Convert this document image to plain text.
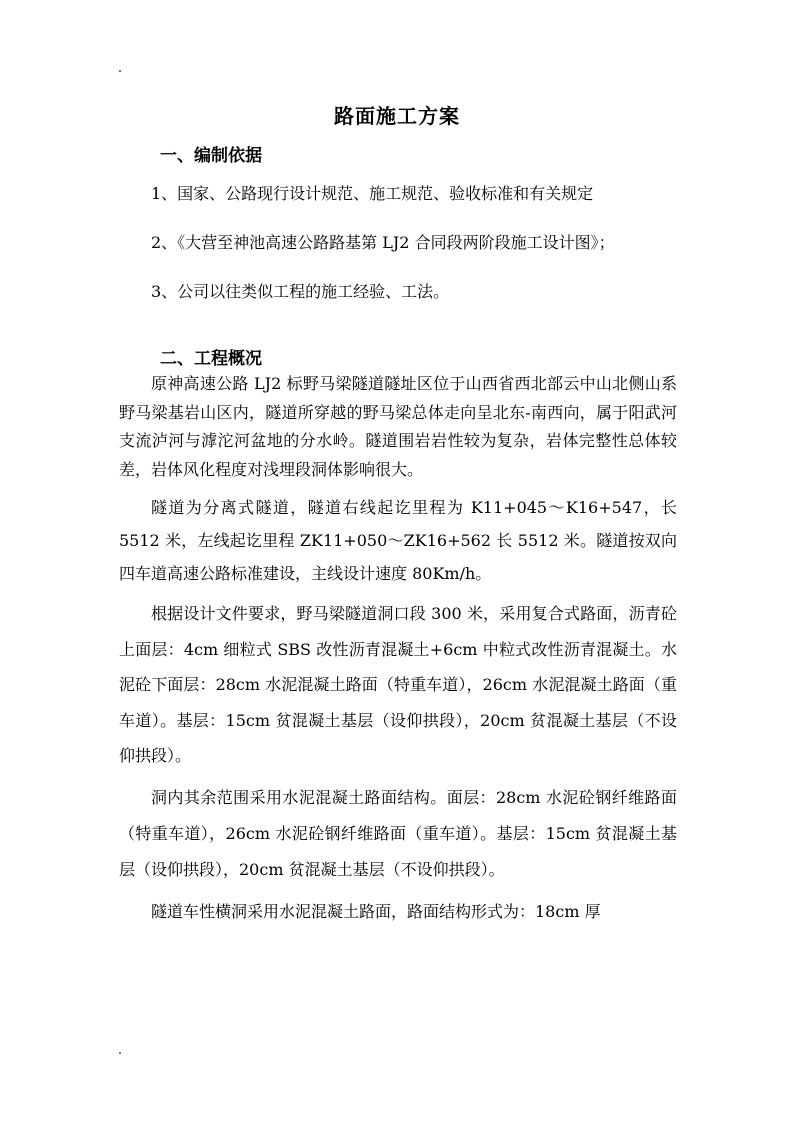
路面施工方案
一、编制依据

1、国家、公路现行设计规范、施工规范、验收标准和有关规定

2、《大营至神池高速公路路基第 LJ2 合同段两阶段施工设计图》；

3、公司以往类似工程的施工经验、工法。

二、工程概况

原神高速公路 LJ2 标野马梁隧道隧址区位于山西省西北部云中山北侧山系野马梁基岩山区内，隧道所穿越的野马梁总体走向呈北东-南西向，属于阳武河支流泸河与滹沱河盆地的分水岭。隧道围岩岩性较为复杂，岩体完整性总体较差，岩体风化程度对浅埋段洞体影响很大。

隧道为分离式隧道，隧道右线起讫里程为 K11+045～K16+547，长 5512 米，左线起讫里程 ZK11+050～ZK16+562 长 5512 米。隧道按双向四车道高速公路标准建设，主线设计速度 80Km/h。

根据设计文件要求，野马梁隧道洞口段 300 米，采用复合式路面，沥青砼上面层：4cm 细粒式 SBS 改性沥青混凝土+6cm 中粒式改性沥青混凝土。水泥砼下面层：28cm 水泥混凝土路面（特重车道），26cm 水泥混凝土路面（重车道）。基层：15cm 贫混凝土基层（设仰拱段），20cm 贫混凝土基层（不设仰拱段）。

洞内其余范围采用水泥混凝土路面结构。面层：28cm 水泥砼钢纤维路面（特重车道），26cm 水泥砼钢纤维路面（重车道）。基层：15cm 贫混凝土基层（设仰拱段），20cm 贫混凝土基层（不设仰拱段）。

隧道车性横洞采用水泥混凝土路面，路面结构形式为：18cm 厚
